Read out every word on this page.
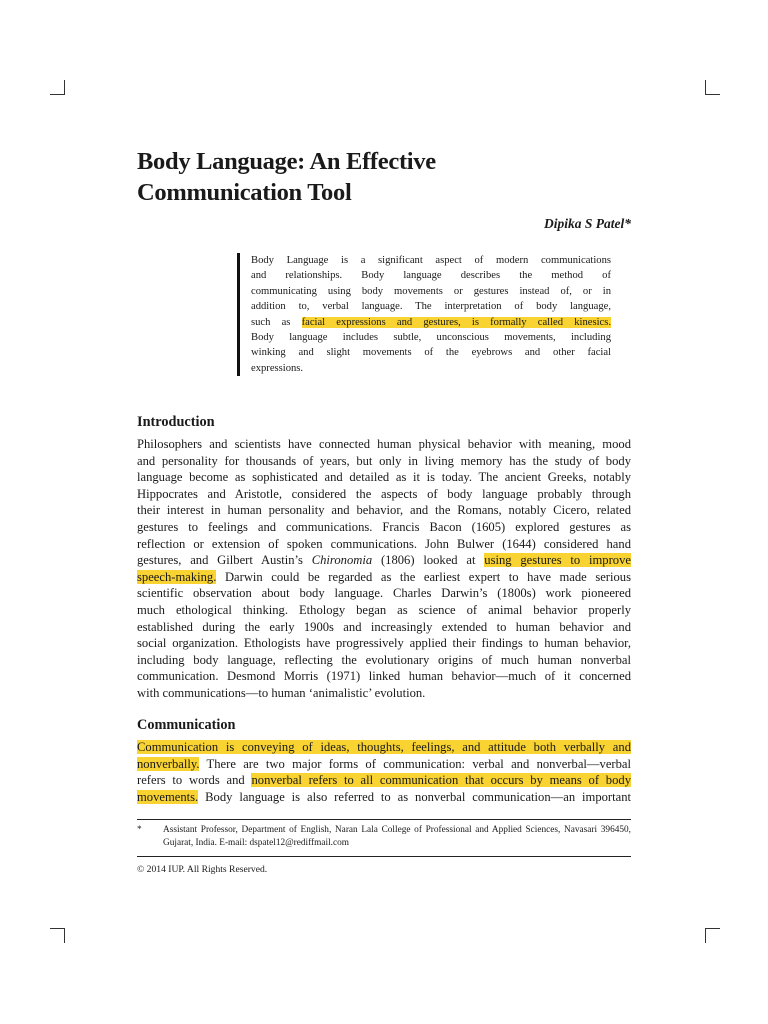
Body Language: An Effective
Communication Tool
Dipika S Patel*
Body Language is a significant aspect of modern communications
and relationships. Body language describes the method of
communicating using body movements or gestures instead of, or in
addition to, verbal language. The interpretation of body language,
such as facial expressions and gestures, is formally called kinesics.
Body language includes subtle, unconscious movements, including
winking and slight movements of the eyebrows and other facial
expressions.
Introduction
Philosophers and scientists have connected human physical behavior with meaning, mood
and personality for thousands of years, but only in living memory has the study of body
language become as sophisticated and detailed as it is today. The ancient Greeks, notably
Hippocrates and Aristotle, considered the aspects of body language probably through
their interest in human personality and behavior, and the Romans, notably Cicero, related
gestures to feelings and communications. Francis Bacon (1605) explored gestures as
reflection or extension of spoken communications. John Bulwer (1644) considered hand
gestures, and Gilbert Austin’s Chironomia (1806) looked at using gestures to improve
speech-making. Darwin could be regarded as the earliest expert to have made serious
scientific observation about body language. Charles Darwin’s (1800s) work pioneered
much ethological thinking. Ethology began as science of animal behavior properly
established during the early 1900s and increasingly extended to human behavior and
social organization. Ethologists have progressively applied their findings to human behavior,
including body language, reflecting the evolutionary origins of much human nonverbal
communication. Desmond Morris (1971) linked human behavior—much of it concerned
with communications—to human ‘animalistic’ evolution.
Communication
Communication is conveying of ideas, thoughts, feelings, and attitude both verbally and
nonverbally. There are two major forms of communication: verbal and nonverbal—verbal
refers to words and nonverbal refers to all communication that occurs by means of body
movements. Body language is also referred to as nonverbal communication—an important
* Assistant Professor, Department of English, Naran Lala College of Professional and Applied Sciences, Navasari 396450, Gujarat, India. E-mail: dspatel12@rediffmail.com
© 2014 IUP. All Rights Reserved.
